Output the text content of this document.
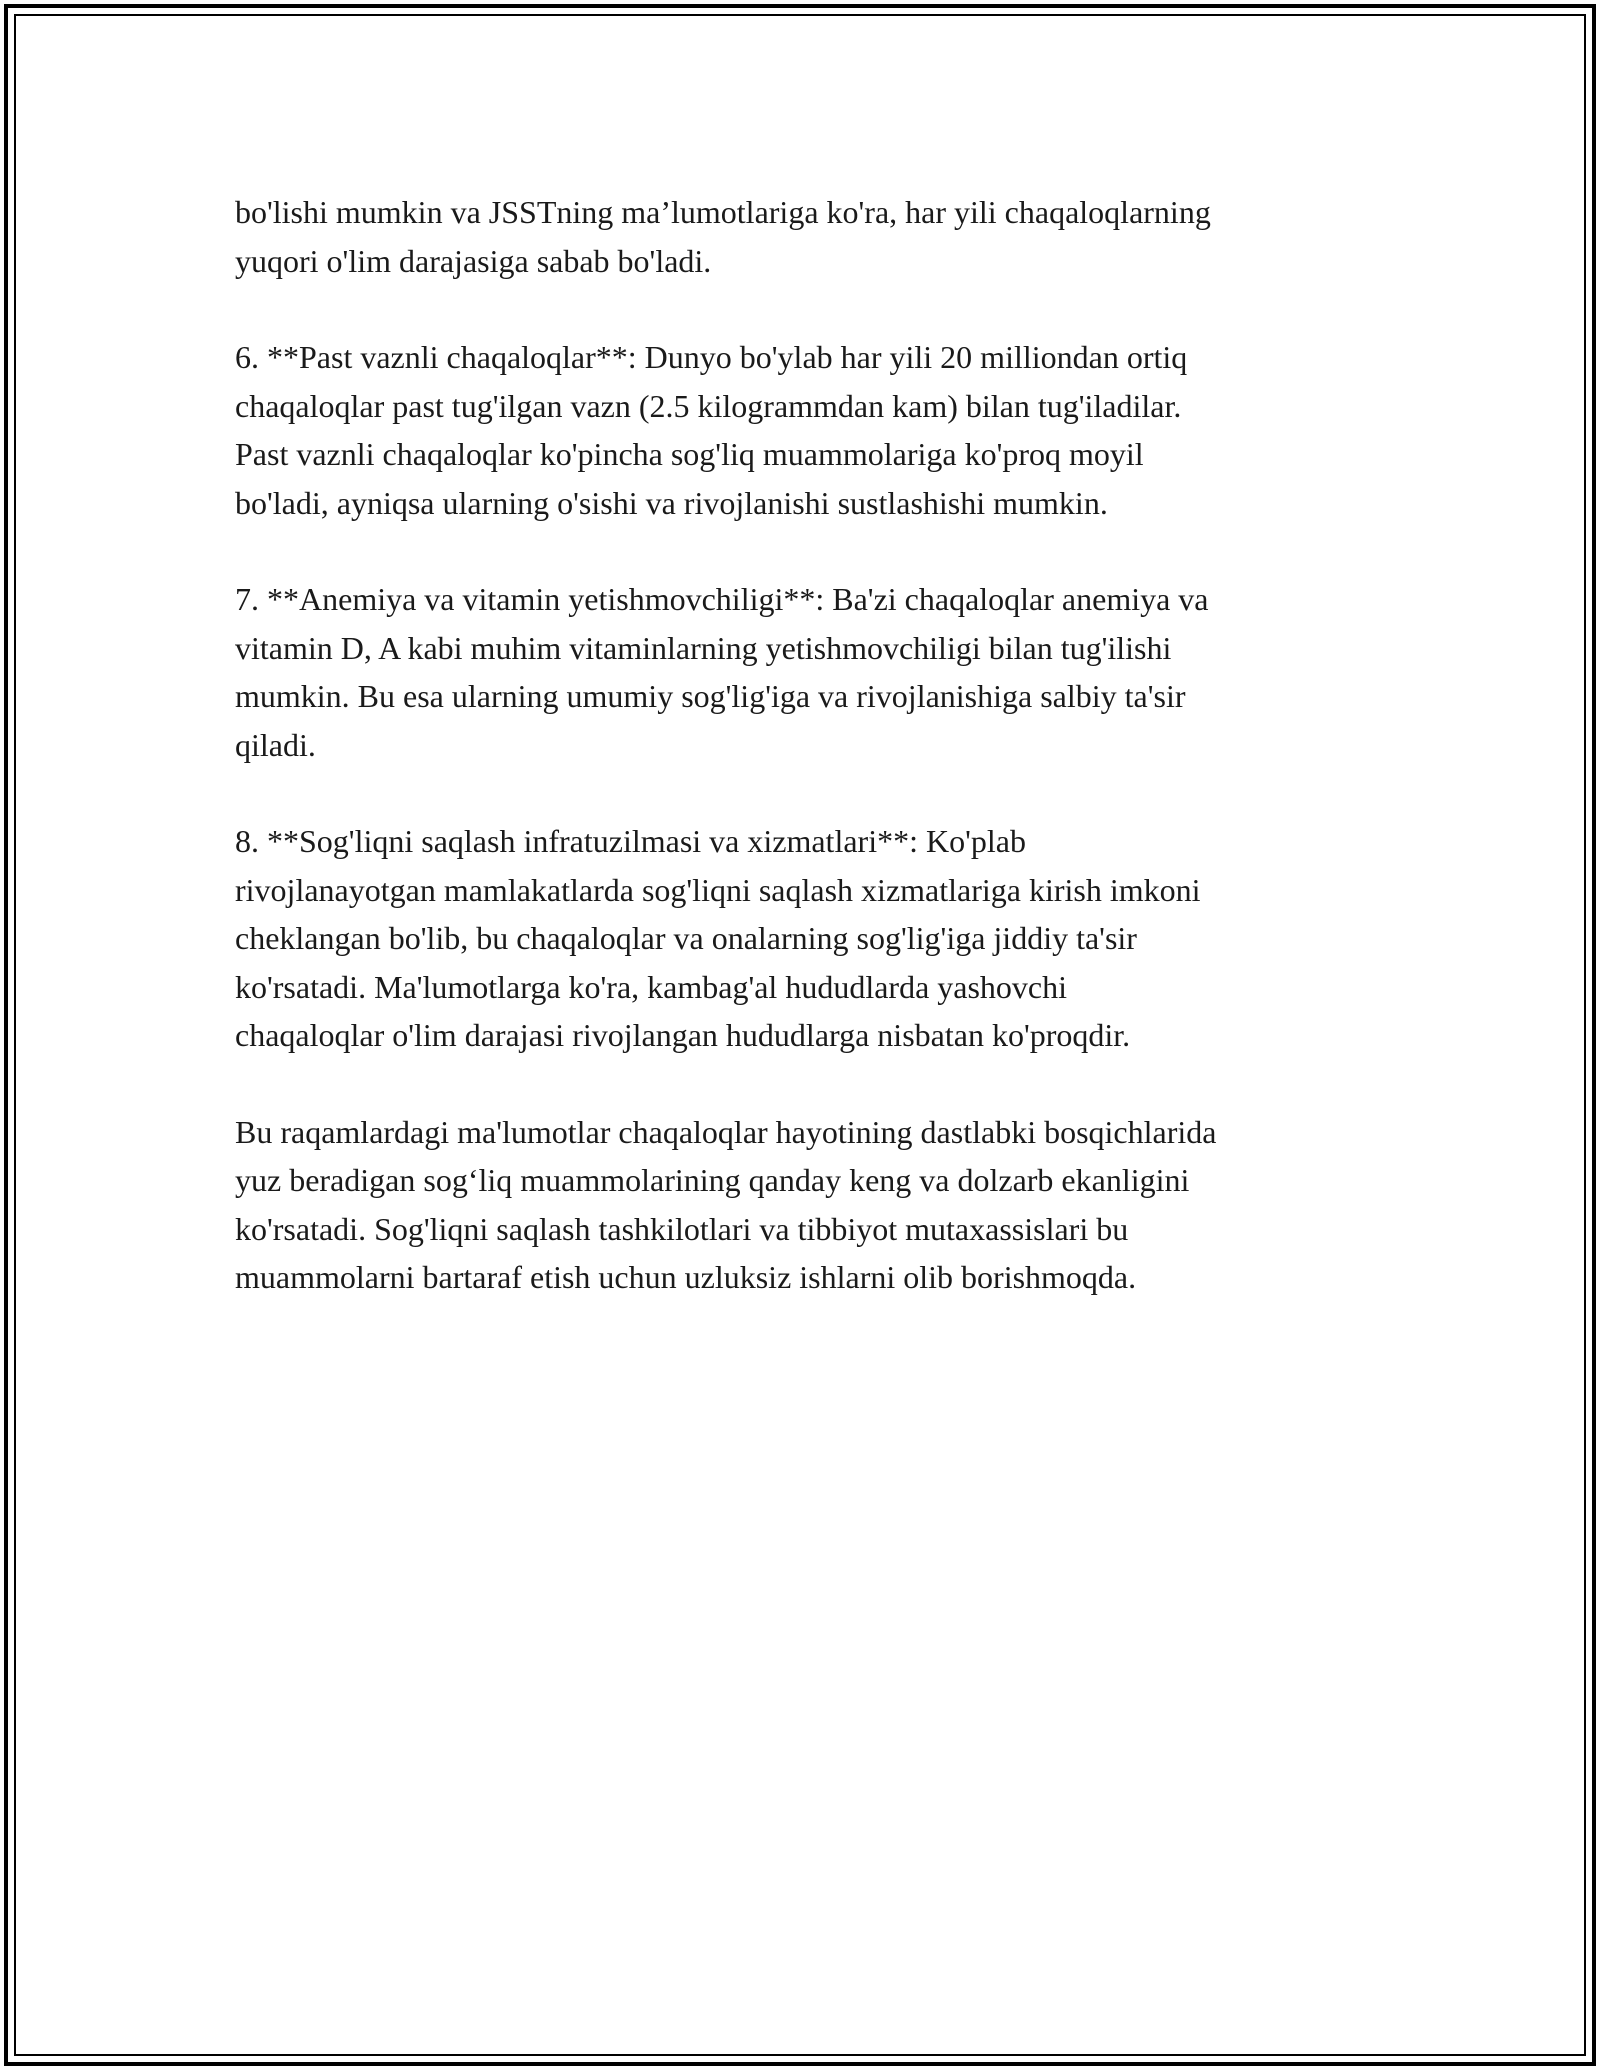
bo'lishi mumkin va JSSTning ma’lumotlariga ko'ra, har yili chaqaloqlarning
yuqori o'lim darajasiga sabab bo'ladi.

6. **Past vaznli chaqaloqlar**: Dunyo bo'ylab har yili 20 milliondan ortiq
chaqaloqlar past tug'ilgan vazn (2.5 kilogrammdan kam) bilan tug'iladilar.
Past vaznli chaqaloqlar ko'pincha sog'liq muammolariga ko'proq moyil
bo'ladi, ayniqsa ularning o'sishi va rivojlanishi sustlashishi mumkin.

7. **Anemiya va vitamin yetishmovchiligi**: Ba'zi chaqaloqlar anemiya va
vitamin D, A kabi muhim vitaminlarning yetishmovchiligi bilan tug'ilishi
mumkin. Bu esa ularning umumiy sog'lig'iga va rivojlanishiga salbiy ta'sir
qiladi.

8. **Sog'liqni saqlash infratuzilmasi va xizmatlari**: Ko'plab
rivojlanayotgan mamlakatlarda sog'liqni saqlash xizmatlariga kirish imkoni
cheklangan bo'lib, bu chaqaloqlar va onalarning sog'lig'iga jiddiy ta'sir
ko'rsatadi. Ma'lumotlarga ko'ra, kambag'al hududlarda yashovchi
chaqaloqlar o'lim darajasi rivojlangan hududlarga nisbatan ko'proqdir.

Bu raqamlardagi ma'lumotlar chaqaloqlar hayotining dastlabki bosqichlarida
yuz beradigan sog‘liq muammolarining qanday keng va dolzarb ekanligini
ko'rsatadi. Sog'liqni saqlash tashkilotlari va tibbiyot mutaxassislari bu
muammolarni bartaraf etish uchun uzluksiz ishlarni olib borishmoqda.
